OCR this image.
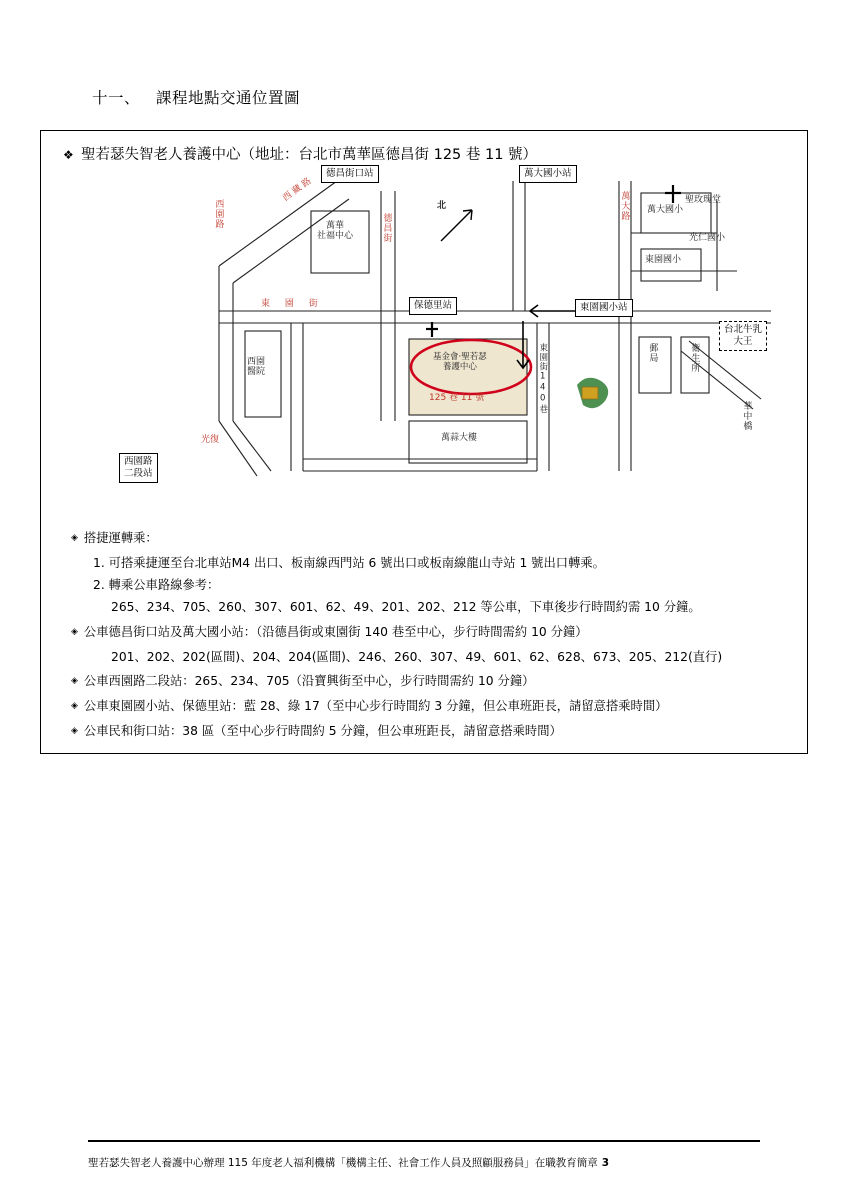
十一、 課程地點交通位置圖
❖ 聖若瑟失智老人養護中心（地址：台北市萬華區德昌街 125 巷 11 號）
德昌街口站	萬大國小站
保德里站	東園國小站
西園路
二段站
台北牛乳
大王
萬大國小
聖玫瑰堂
光仁國小
東園國小
萬華
社福中心
西園
醫院
基金會‧聖若瑟
養護中心
125 巷 11 號
萬蒜大樓
郵局	衛生所
華中橋
西 藏 路
西園路	德昌街
東 園 街
萬大路
東園街140巷
光復
北
◈ 搭捷運轉乘：
1. 可搭乘捷運至台北車站M4 出口、板南線西門站 6 號出口或板南線龍山寺站 1 號出口轉乘。
2. 轉乘公車路線參考：
265、234、705、260、307、601、62、49、201、202、212 等公車，下車後步行時間約需 10 分鐘。
◈ 公車德昌街口站及萬大國小站：（沿德昌街或東園街 140 巷至中心，步行時間需約 10 分鐘）
201、202、202(區間)、204、204(區間)、246、260、307、49、601、62、628、673、205、212(直行)
◈ 公車西園路二段站：265、234、705（沿寶興街至中心，步行時間需約 10 分鐘）
◈ 公車東園國小站、保德里站：藍 28、綠 17（至中心步行時間約 3 分鐘，但公車班距長，請留意搭乘時間）
◈ 公車民和街口站：38 區（至中心步行時間約 5 分鐘，但公車班距長，請留意搭乘時間）
聖若瑟失智老人養護中心辦理 115 年度老人福利機構「機構主任、社會工作人員及照顧服務員」在職教育簡章 3
